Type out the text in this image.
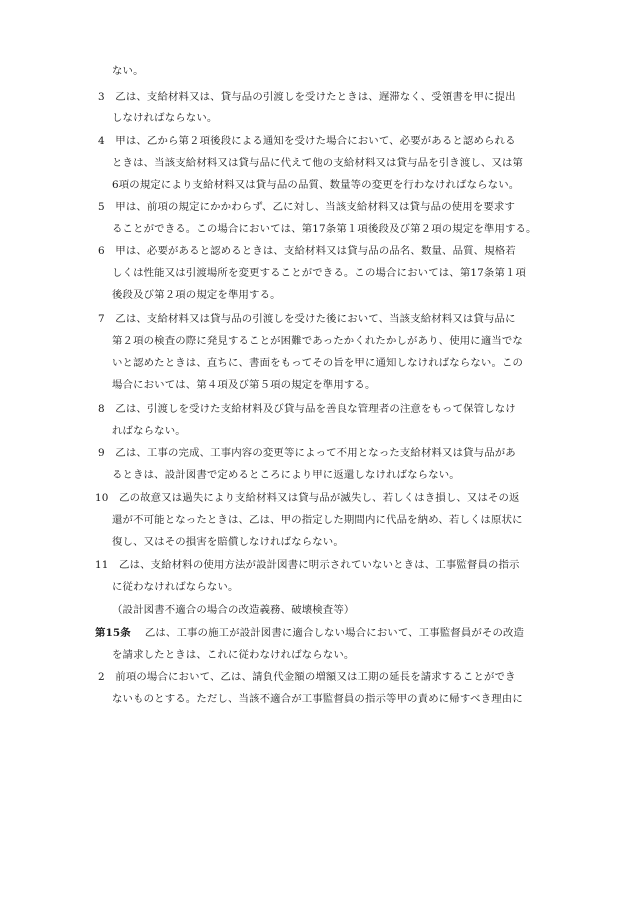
ない。
3　乙は、支給材料又は、貸与品の引渡しを受けたときは、遅滞なく、受領書を甲に提出
しなければならない。
4　甲は、乙から第２項後段による通知を受けた場合において、必要があると認められる
ときは、当該支給材料又は貸与品に代えて他の支給材料又は貸与品を引き渡し、又は第
6項の規定により支給材料又は貸与品の品質、数量等の変更を行わなければならない。
5　甲は、前項の規定にかかわらず、乙に対し、当該支給材料又は貸与品の使用を要求す
ることができる。この場合においては、第17条第１項後段及び第２項の規定を準用する。
6　甲は、必要があると認めるときは、支給材料又は貸与品の品名、数量、品質、規格若
しくは性能又は引渡場所を変更することができる。この場合においては、第17条第１項
後段及び第２項の規定を準用する。
7　乙は、支給材料又は貸与品の引渡しを受けた後において、当該支給材料又は貸与品に
第２項の検査の際に発見することが困難であったかくれたかしがあり、使用に適当でな
いと認めたときは、直ちに、書面をもってその旨を甲に通知しなければならない。この
場合においては、第４項及び第５項の規定を準用する。
8　乙は、引渡しを受けた支給材料及び貸与品を善良な管理者の注意をもって保管しなけ
ればならない。
9　乙は、工事の完成、工事内容の変更等によって不用となった支給材料又は貸与品があ
るときは、設計図書で定めるところにより甲に返還しなければならない。
10　乙の故意又は過失により支給材料又は貸与品が滅失し、若しくはき損し、又はその返
還が不可能となったときは、乙は、甲の指定した期間内に代品を納め、若しくは原状に
復し、又はその損害を賠償しなければならない。
11　乙は、支給材料の使用方法が設計図書に明示されていないときは、工事監督員の指示
に従わなければならない。
（設計図書不適合の場合の改造義務、破壊検査等）
第15条 乙は、工事の施工が設計図書に適合しない場合において、工事監督員がその改造
を請求したときは、これに従わなければならない。
2　前項の場合において、乙は、請負代金額の増額又は工期の延長を請求することができ
ないものとする。ただし、当該不適合が工事監督員の指示等甲の責めに帰すべき理由に
